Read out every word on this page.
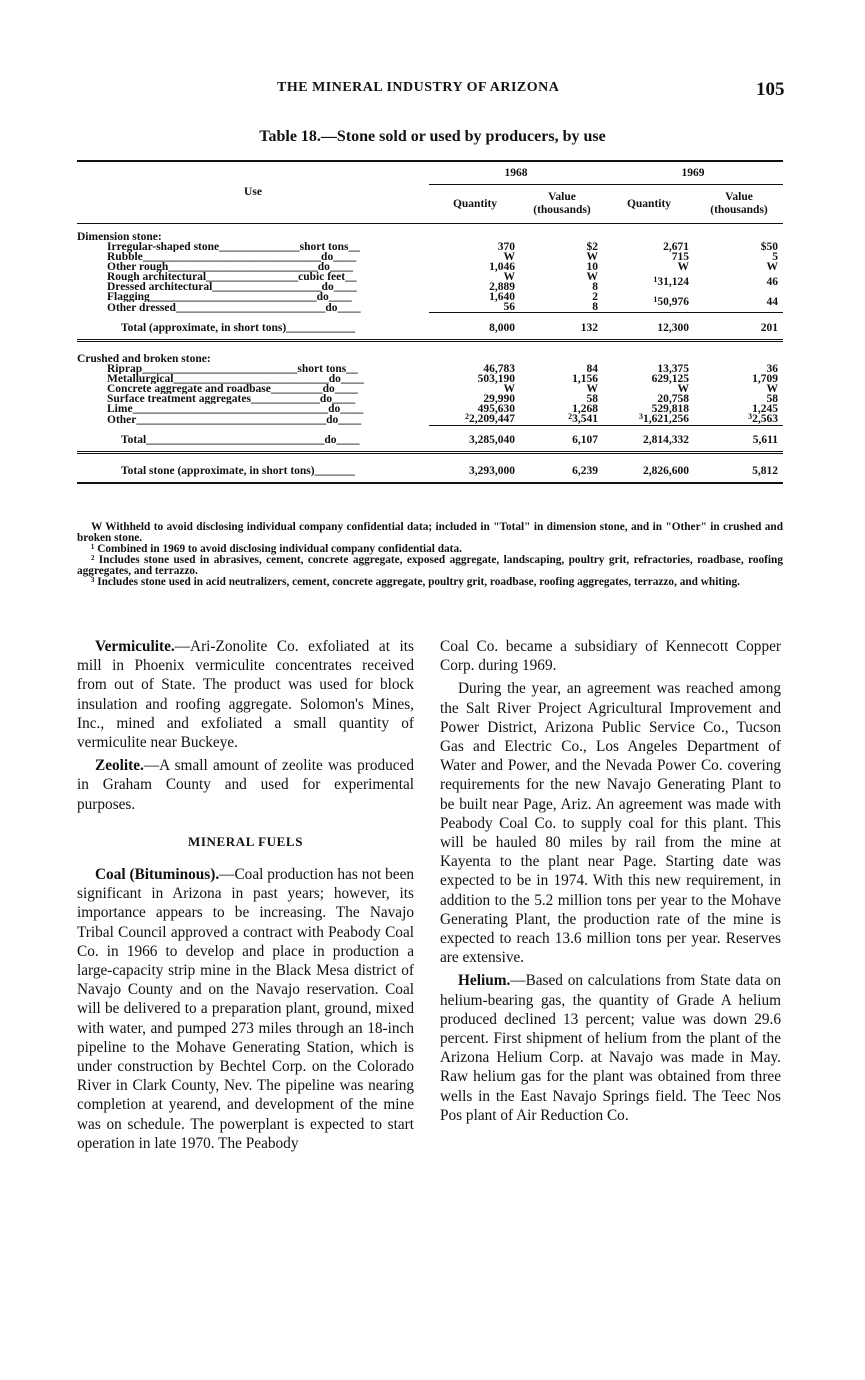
THE MINERAL INDUSTRY OF ARIZONA	105
Table 18.—Stone sold or used by producers, by use
Use	1968		1969	
	Quantity	Value (thousands)	Quantity	Value (thousands)
Dimension stone:				
Irregular-shaped stone______________short tons__	370	$2	2,671	$50
Rubble_______________________________do____	W	W	715	5
Other rough__________________________do____	1,046	10	W	W
Rough architectural________________cubic feet__	W	W	$^1$31,124	46
Dressed architectural___________________do____	2,889	8		
Flagging_____________________________do____	1,640	2	$^1$50,976	44
Other dressed__________________________do____	56	8		
Total (approximate, in short tons)____________	8,000	132	12,300	201
Crushed and broken stone:				
Riprap___________________________short tons__	46,783	84	13,375	36
Metallurgical___________________________do____	503,190	1,156	629,125	1,709
Concrete aggregate and roadbase_________do____	W	W	W	W
Surface treatment aggregates____________do____	29,990	58	20,758	58
Lime__________________________________do____	495,630	1,268	529,818	1,245
Other_________________________________do____	$^2$2,209,447	$^2$3,541	$^3$1,621,256	$^3$2,563
Total_______________________________do____	3,285,040	6,107	2,814,332	5,611
Total stone (approximate, in short tons)_______	3,293,000	6,239	2,826,600	5,812

W Withheld to avoid disclosing individual company confidential data; included in "Total" in dimension stone, and in "Other" in crushed and broken stone.

¹ Combined in 1969 to avoid disclosing individual company confidential data.

² Includes stone used in abrasives, cement, concrete aggregate, exposed aggregate, landscaping, poultry grit, refractories, roadbase, roofing aggregates, and terrazzo.

³ Includes stone used in acid neutralizers, cement, concrete aggregate, poultry grit, roadbase, roofing aggregates, terrazzo, and whiting.

Vermiculite.—Ari-Zonolite Co. exfoliated at its mill in Phoenix vermiculite concentrates received from out of State. The product was used for block insulation and roofing aggregate. Solomon's Mines, Inc., mined and exfoliated a small quantity of vermiculite near Buckeye.

Zeolite.—A small amount of zeolite was produced in Graham County and used for experimental purposes.

MINERAL FUELS

Coal (Bituminous).—Coal production has not been significant in Arizona in past years; however, its importance appears to be increasing. The Navajo Tribal Council approved a contract with Peabody Coal Co. in 1966 to develop and place in production a large-capacity strip mine in the Black Mesa district of Navajo County and on the Navajo reservation. Coal will be delivered to a preparation plant, ground, mixed with water, and pumped 273 miles through an 18-inch pipeline to the Mohave Generating Station, which is under construction by Bechtel Corp. on the Colorado River in Clark County, Nev. The pipeline was nearing completion at yearend, and development of the mine was on schedule. The powerplant is expected to start operation in late 1970. The Peabody

Coal Co. became a subsidiary of Kennecott Copper Corp. during 1969.

During the year, an agreement was reached among the Salt River Project Agricultural Improvement and Power District, Arizona Public Service Co., Tucson Gas and Electric Co., Los Angeles Department of Water and Power, and the Nevada Power Co. covering requirements for the new Navajo Generating Plant to be built near Page, Ariz. An agreement was made with Peabody Coal Co. to supply coal for this plant. This will be hauled 80 miles by rail from the mine at Kayenta to the plant near Page. Starting date was expected to be in 1974. With this new requirement, in addition to the 5.2 million tons per year to the Mohave Generating Plant, the production rate of the mine is expected to reach 13.6 million tons per year. Reserves are extensive.

Helium.—Based on calculations from State data on helium-bearing gas, the quantity of Grade A helium produced declined 13 percent; value was down 29.6 percent. First shipment of helium from the plant of the Arizona Helium Corp. at Navajo was made in May. Raw helium gas for the plant was obtained from three wells in the East Navajo Springs field. The Teec Nos Pos plant of Air Reduction Co.
